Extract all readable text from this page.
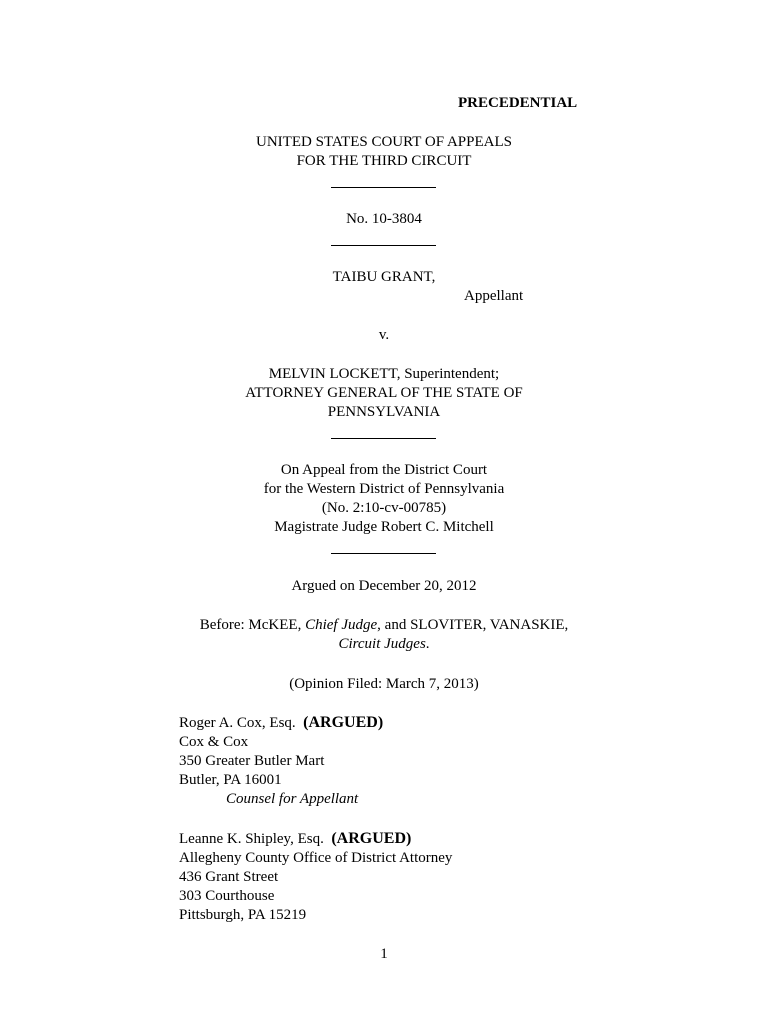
PRECEDENTIAL
UNITED STATES COURT OF APPEALS
FOR THE THIRD CIRCUIT
No. 10-3804
TAIBU GRANT,
Appellant
v.
MELVIN LOCKETT, Superintendent;
ATTORNEY GENERAL OF THE STATE OF
PENNSYLVANIA
On Appeal from the District Court
for the Western District of Pennsylvania
(No. 2:10-cv-00785)
Magistrate Judge Robert C. Mitchell
Argued on December 20, 2012
Before: McKEE, Chief Judge, and SLOVITER, VANASKIE,
Circuit Judges.
(Opinion Filed: March 7, 2013)
Roger A. Cox, Esq. (ARGUED)
Cox & Cox
350 Greater Butler Mart
Butler, PA 16001
Counsel for Appellant
Leanne K. Shipley, Esq. (ARGUED)
Allegheny County Office of District Attorney
436 Grant Street
303 Courthouse
Pittsburgh, PA 15219
1
